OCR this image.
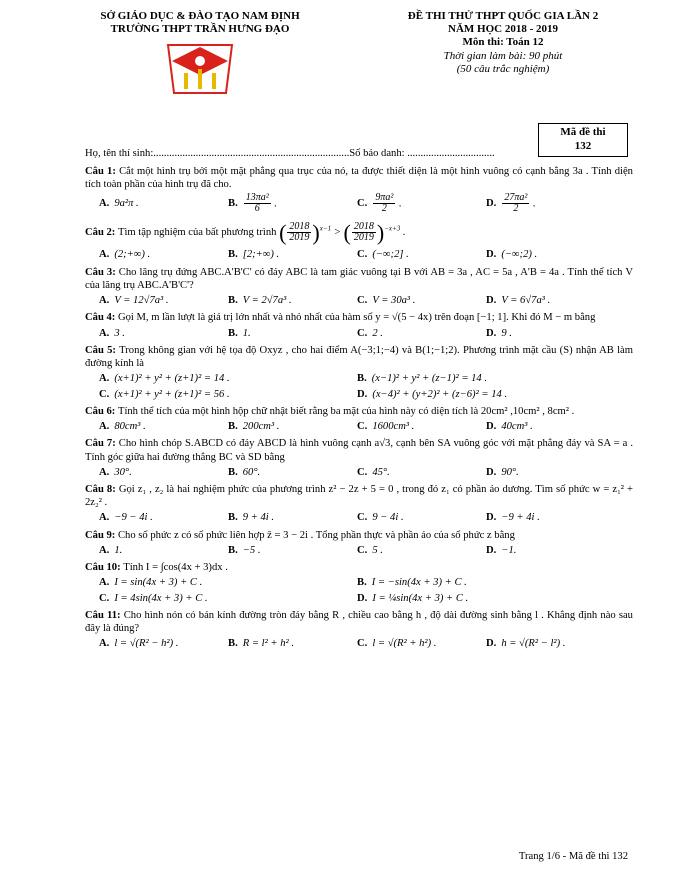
SỞ GIÁO DỤC & ĐÀO TẠO NAM ĐỊNH
TRƯỜNG THPT TRẦN HƯNG ĐẠO
ĐỀ THI THỬ THPT QUỐC GIA LẦN 2
NĂM HỌC 2018 - 2019
Môn thi: Toán 12
Thời gian làm bài: 90 phút
(50 câu trắc nghiệm)
Mã đề thi
132
Họ, tên thí sinh:..........................................................................Số báo danh: .................................
Câu 1: Cắt một hình trụ bởi một mặt phẳng qua trục của nó, ta được thiết diện là một hình vuông có cạnh bằng 3a . Tính diện tích toàn phần của hình trụ đã cho.
A. 9a²π .	B. $\frac{\text{13πa²}}{6}$ .	C. $\frac{\text{9πa²}}{2}$ .	D. $\frac{\text{27πa²}}{2}$ .
Câu 2: Tìm tập nghiệm của bất phương trình ( $\frac{2018}{2019} )^{x-1}$ > ( $\frac{2018}{2019} )^{-x+3}$ .
A. (2;+∞) .	B. [2;+∞) .	C. (−∞;2] .	D. (−∞;2) .
Câu 3: Cho lăng trụ đứng ABC.A'B'C' có đáy ABC là tam giác vuông tại B với AB = 3a , AC = 5a , A'B = 4a . Tính thể tích V của lăng trụ ABC.A'B'C'?
A. V = 12√7a³ .	B. V = 2√7a³ .	C. V = 30a³ .	D. V = 6√7a³ .
Câu 4: Gọi M, m lần lượt là giá trị lớn nhất và nhỏ nhất của hàm số y = √(5 − 4x) trên đoạn [−1; 1]. Khi đó M − m bằng
A. 3 .	B. 1.	C. 2 .	D. 9 .
Câu 5: Trong không gian với hệ tọa độ Oxyz , cho hai điểm A(−3;1;−4) và B(1;−1;2). Phương trình mặt cầu (S) nhận AB làm đường kính là
A. (x+1)² + y² + (z+1)² = 14 .	B. (x−1)² + y² + (z−1)² = 14 .
C. (x+1)² + y² + (z+1)² = 56 .	D. (x−4)² + (y+2)² + (z−6)² = 14 .
Câu 6: Tính thể tích của một hình hộp chữ nhật biết rằng ba mặt của hình này có diện tích là 20cm² ,10cm² , 8cm² .
A. 80cm³ .	B. 200cm³ .	C. 1600cm³ .	D. 40cm³ .
Câu 7: Cho hình chóp S.ABCD có đáy ABCD là hình vuông cạnh a√3, cạnh bên SA vuông góc với mặt phẳng đáy và SA = a . Tính góc giữa hai đường thẳng BC và SD bằng
A. 30°.	B. 60°.	C. 45°.	D. 90°.
Câu 8: Gọi z₁ , z₂ là hai nghiệm phức của phương trình z² − 2z + 5 = 0 , trong đó z₁ có phần ảo dương. Tìm số phức w = z₁² + 2z₂² .
A. −9 − 4i .	B. 9 + 4i .	C. 9 − 4i .	D. −9 + 4i .
Câu 9: Cho số phức z có số phức liên hợp z̄ = 3 − 2i . Tổng phần thực và phần ảo của số phức z bằng
A. 1.	B. −5 .	C. 5 .	D. −1.
Câu 10: Tính I = ∫cos(4x + 3)dx .
A. I = sin(4x + 3) + C .	B. I = −sin(4x + 3) + C .
C. I = 4sin(4x + 3) + C .	D. I = ¼sin(4x + 3) + C .
Câu 11: Cho hình nón có bán kính đường tròn đáy bằng R , chiều cao bằng h , độ dài đường sinh bằng l . Khẳng định nào sau đây là đúng?
A. l = √(R² − h²) .	B. R = l² + h² .	C. l = √(R² + h²) .	D. h = √(R² − l²) .
Trang 1/6 - Mã đề thi 132
